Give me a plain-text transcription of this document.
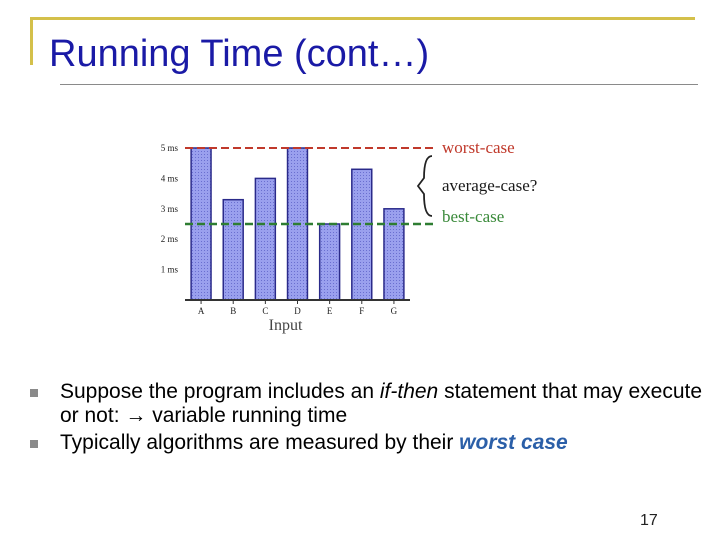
Running Time (cont…)
1 ms
2 ms
3 ms
4 ms
5 ms
A	B	C	D	E	F	G
Input
worst-case
average-case?
best-case
Suppose the program includes an if-then statement that may execute or not: → variable running time
Typically algorithms are measured by their worst case
17
